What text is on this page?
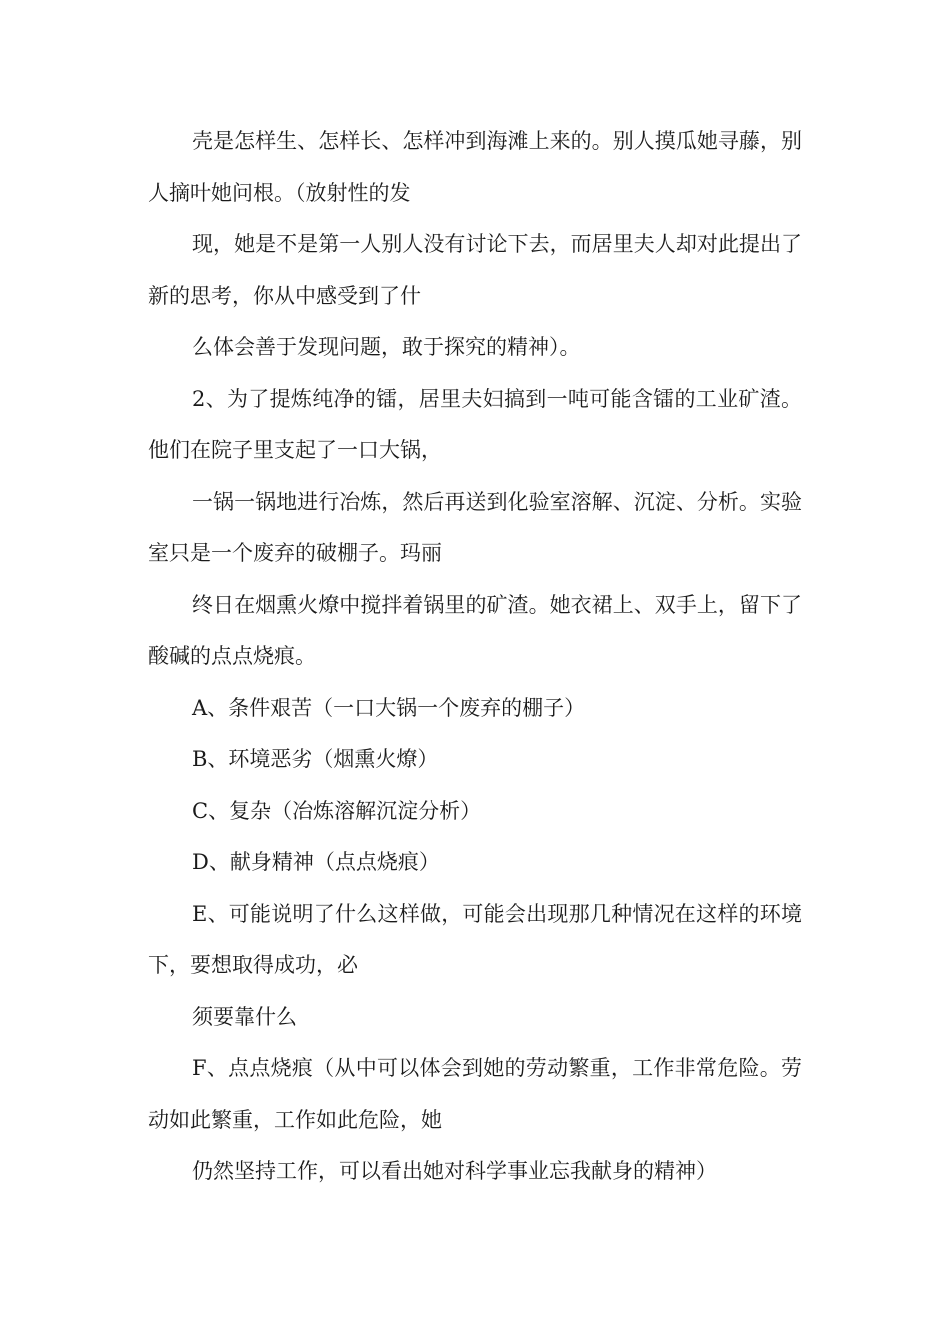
壳是怎样生、怎样长、怎样冲到海滩上来的。别人摸瓜她寻藤，别人摘叶她问根。（放射性的发

现，她是不是第一人别人没有讨论下去，而居里夫人却对此提出了新的思考，你从中感受到了什

么体会善于发现问题，敢于探究的精神）。

2、为了提炼纯净的镭，居里夫妇搞到一吨可能含镭的工业矿渣。他们在院子里支起了一口大锅，

一锅一锅地进行冶炼，然后再送到化验室溶解、沉淀、分析。实验室只是一个废弃的破棚子。玛丽

终日在烟熏火燎中搅拌着锅里的矿渣。她衣裙上、双手上，留下了酸碱的点点烧痕。

A、条件艰苦（一口大锅一个废弃的棚子）

B、环境恶劣（烟熏火燎）

C、复杂（冶炼溶解沉淀分析）

D、献身精神（点点烧痕）

E、可能说明了什么这样做，可能会出现那几种情况在这样的环境下，要想取得成功，必

须要靠什么

F、点点烧痕（从中可以体会到她的劳动繁重，工作非常危险。劳动如此繁重，工作如此危险，她

仍然坚持工作，可以看出她对科学事业忘我献身的精神）
